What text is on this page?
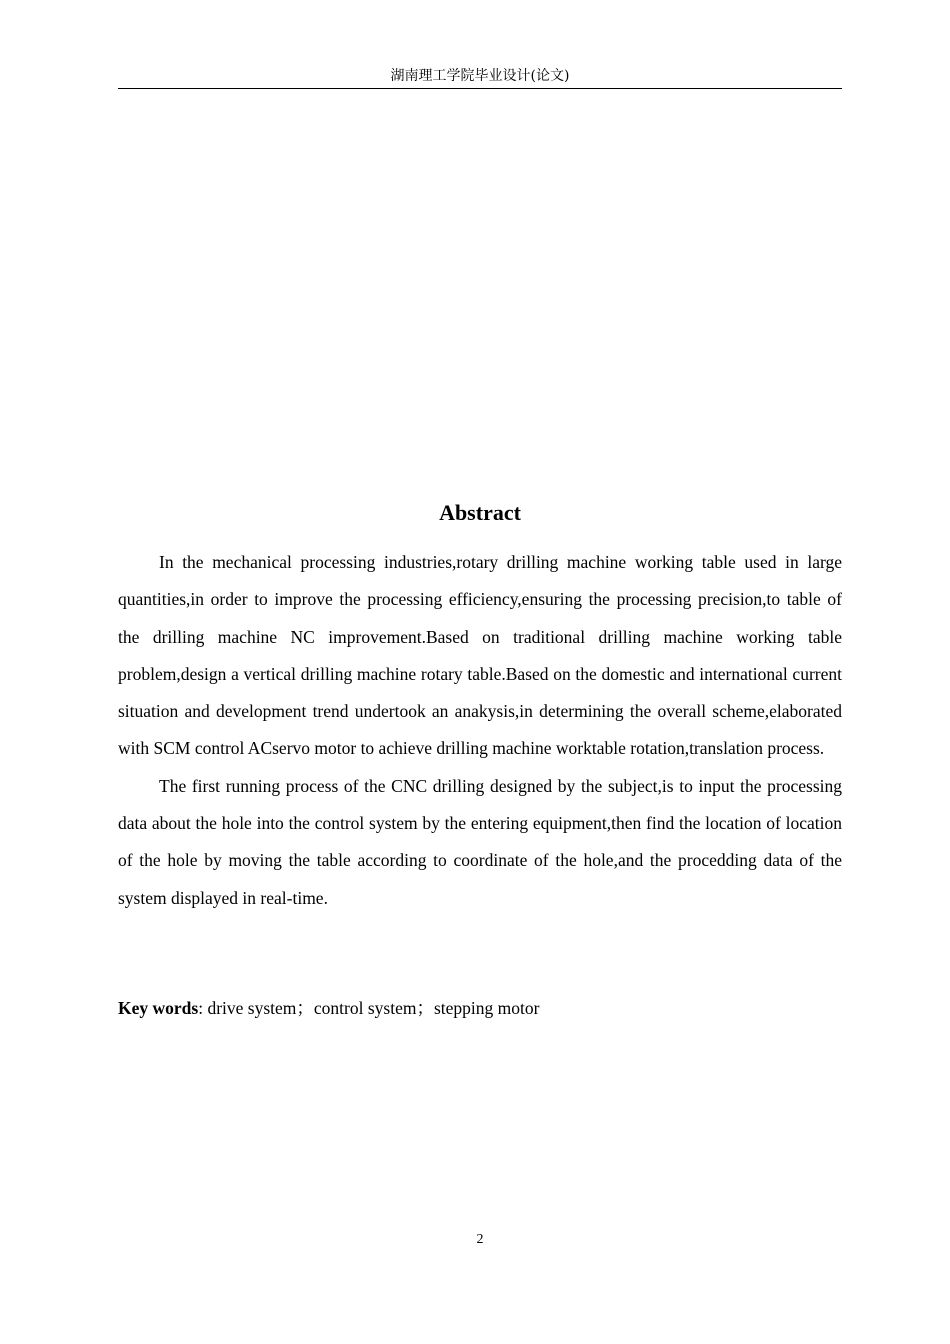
湖南理工学院毕业设计(论文)
Abstract

In the mechanical processing industries,rotary drilling machine working table used in large quantities,in order to improve the processing efficiency,ensuring the processing precision,to table of the drilling machine NC improvement.Based on traditional drilling machine working table problem,design a vertical drilling machine rotary table.Based on the domestic and international current situation and development trend undertook an anakysis,in determining the overall scheme,elaborated with SCM control ACservo motor to achieve drilling machine worktable rotation,translation process.

The first running process of the CNC drilling designed by the subject,is to input the processing data about the hole into the control system by the entering equipment,then find the location of location of the hole by moving the table according to coordinate of the hole,and the procedding data of the system displayed in real-time.

Key words: drive system；control system；stepping motor

2
